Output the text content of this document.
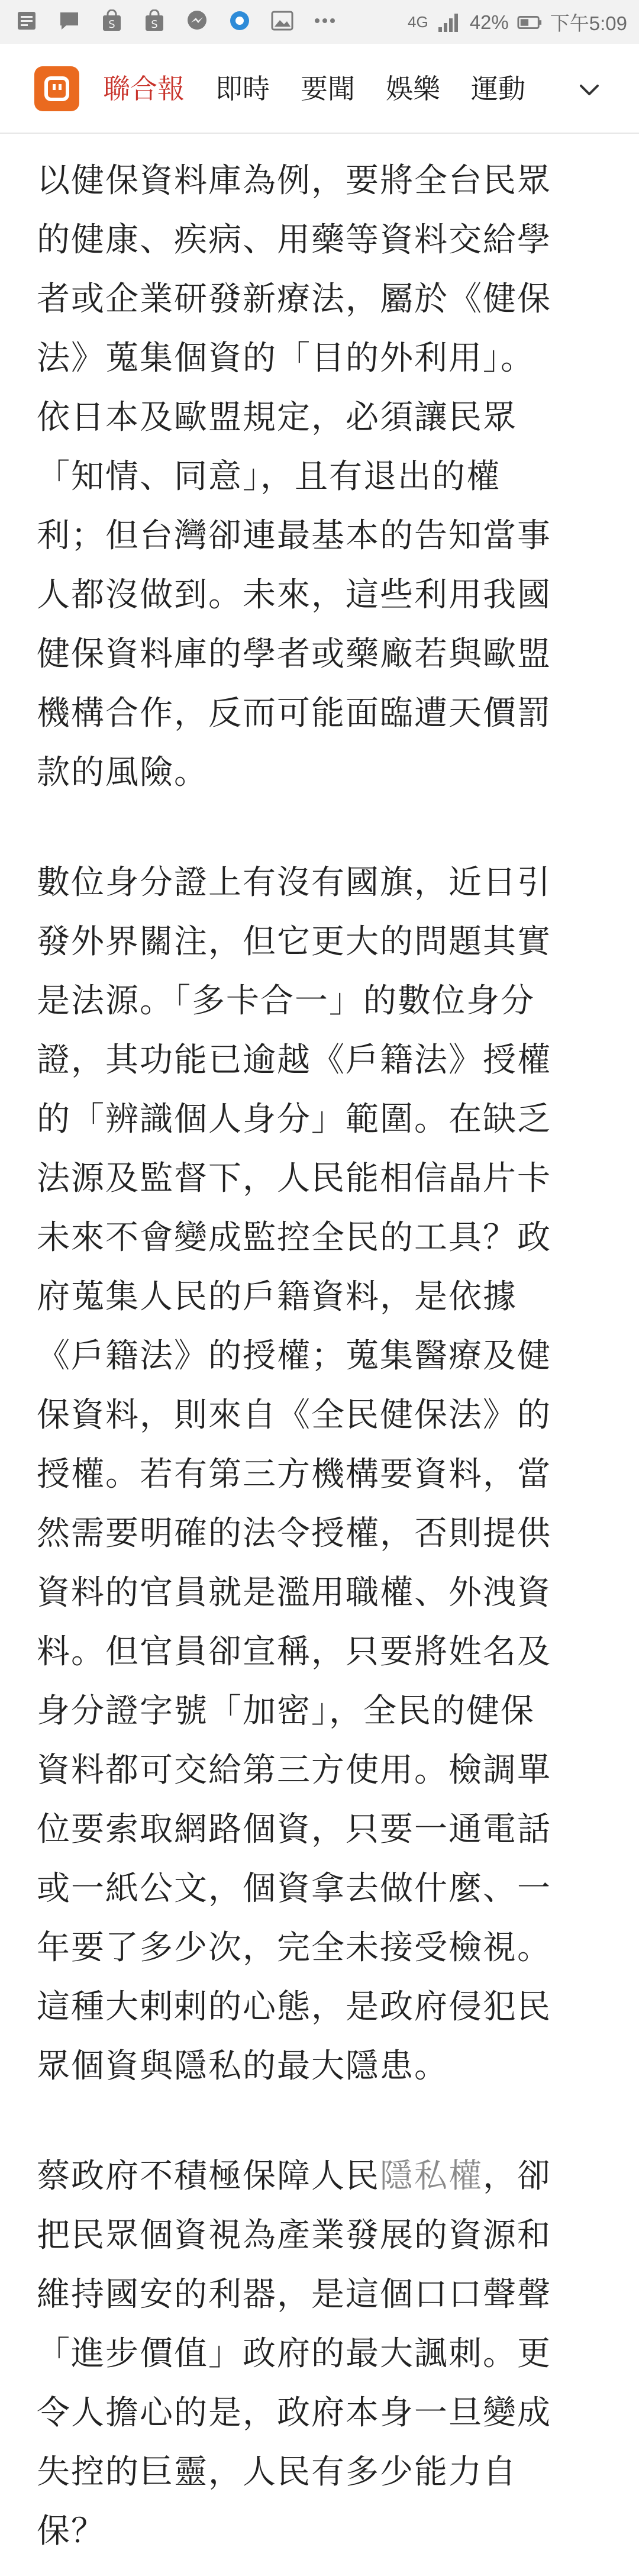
S	S	4G 42% 下午5:09
聯合報 即時 要聞 娛樂 運動

以健保資料庫為例，要將全台民眾
的健康、疾病、用藥等資料交給學
者或企業研發新療法，屬於《健保
法》蒐集個資的「目的外利用」。
依日本及歐盟規定，必須讓民眾
「知情、同意」，且有退出的權
利；但台灣卻連最基本的告知當事
人都沒做到。未來，這些利用我國
健保資料庫的學者或藥廠若與歐盟
機構合作，反而可能面臨遭天價罰
款的風險。

數位身分證上有沒有國旗，近日引
發外界關注，但它更大的問題其實
是法源。「多卡合一」的數位身分
證，其功能已逾越《戶籍法》授權
的「辨識個人身分」範圍。在缺乏
法源及監督下，人民能相信晶片卡
未來不會變成監控全民的工具？政
府蒐集人民的戶籍資料，是依據
《戶籍法》的授權；蒐集醫療及健
保資料，則來自《全民健保法》的
授權。若有第三方機構要資料，當
然需要明確的法令授權，否則提供
資料的官員就是濫用職權、外洩資
料。但官員卻宣稱，只要將姓名及
身分證字號「加密」，全民的健保
資料都可交給第三方使用。檢調單
位要索取網路個資，只要一通電話
或一紙公文，個資拿去做什麼、一
年要了多少次，完全未接受檢視。
這種大剌剌的心態，是政府侵犯民
眾個資與隱私的最大隱患。

蔡政府不積極保障人民隱私權，卻
把民眾個資視為產業發展的資源和
維持國安的利器，是這個口口聲聲
「進步價值」政府的最大諷刺。更
令人擔心的是，政府本身一旦變成
失控的巨靈，人民有多少能力自
保？
